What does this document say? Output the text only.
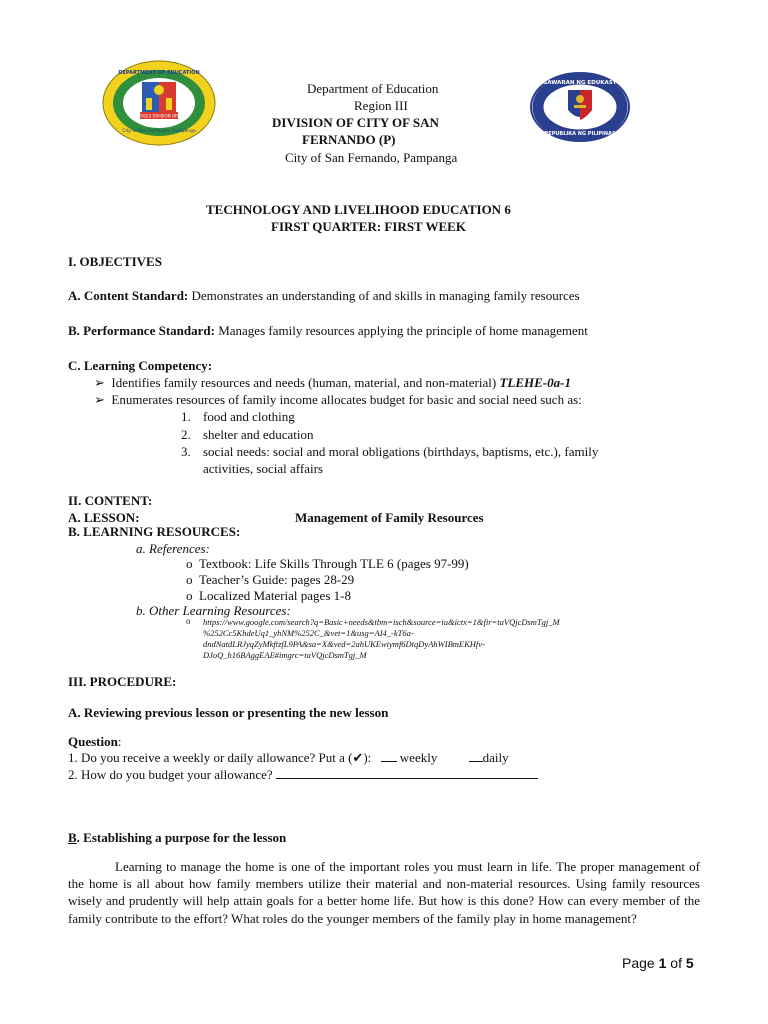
DEPARTMENT OF EDUCATION
City of San Fernando, Pampanga
SCHOOLS DIVISION OFFICE
KAGAWARAN NG EDUKASYON
REPUBLIKA NG PILIPINAS
Department of Education
Region III
DIVISION OF CITY OF SAN
FERNANDO (P)
City of San Fernando, Pampanga
TECHNOLOGY AND LIVELIHOOD EDUCATION 6
FIRST QUARTER: FIRST WEEK
I. OBJECTIVES
A. Content Standard: Demonstrates an understanding of and skills in managing family resources
B. Performance Standard: Manages family resources applying the principle of home management
C. Learning Competency:
➢ Identifies family resources and needs (human, material, and non-material) TLEHE-0a-1
➢ Enumerates resources of family income allocates budget for basic and social need such as:
1. food and clothing
2. shelter and education
3. social needs: social and moral obligations (birthdays, baptisms, etc.), family
activities, social affairs
II. CONTENT:
A. LESSON:	Management of Family Resources
B. LEARNING RESOURCES:
a. References:
o Textbook: Life Skills Through TLE 6 (pages 97-99)
o Teacher’s Guide: pages 28-29
o Localized Material pages 1-8
b. Other Learning Resources:
o https://www.google.com/search?q=Basic+needs&tbm=isch&source=iu&ictx=1&fir=taVQjcDsmTgj_M
%252Cc5KhdeUq1_yhNM%252C_&vet=1&usg=AI4_-kT6a-
dndNatdLRJyqZyMkftzfL9PA&sa=X&ved=2ahUKEwiymf6DtqDyAhWIBmEKHfv-
DJoQ_h16BAggEAE#imgrc=taVQjcDsmTgj_M
III. PROCEDURE:
A. Reviewing previous lesson or presenting the new lesson
Question:
1. Do you receive a weekly or daily allowance? Put a (✔): weekly	daily
2. How do you budget your allowance?
B. Establishing a purpose for the lesson
Learning to manage the home is one of the important roles you must learn in life. The proper management of the home is all about how family members utilize their material and non-material resources. Using family resources wisely and prudently will help attain goals for a better home life. But how is this done? How can every member of the family contribute to the effort? What roles do the younger members of the family play in home management?
Page 1 of 5
